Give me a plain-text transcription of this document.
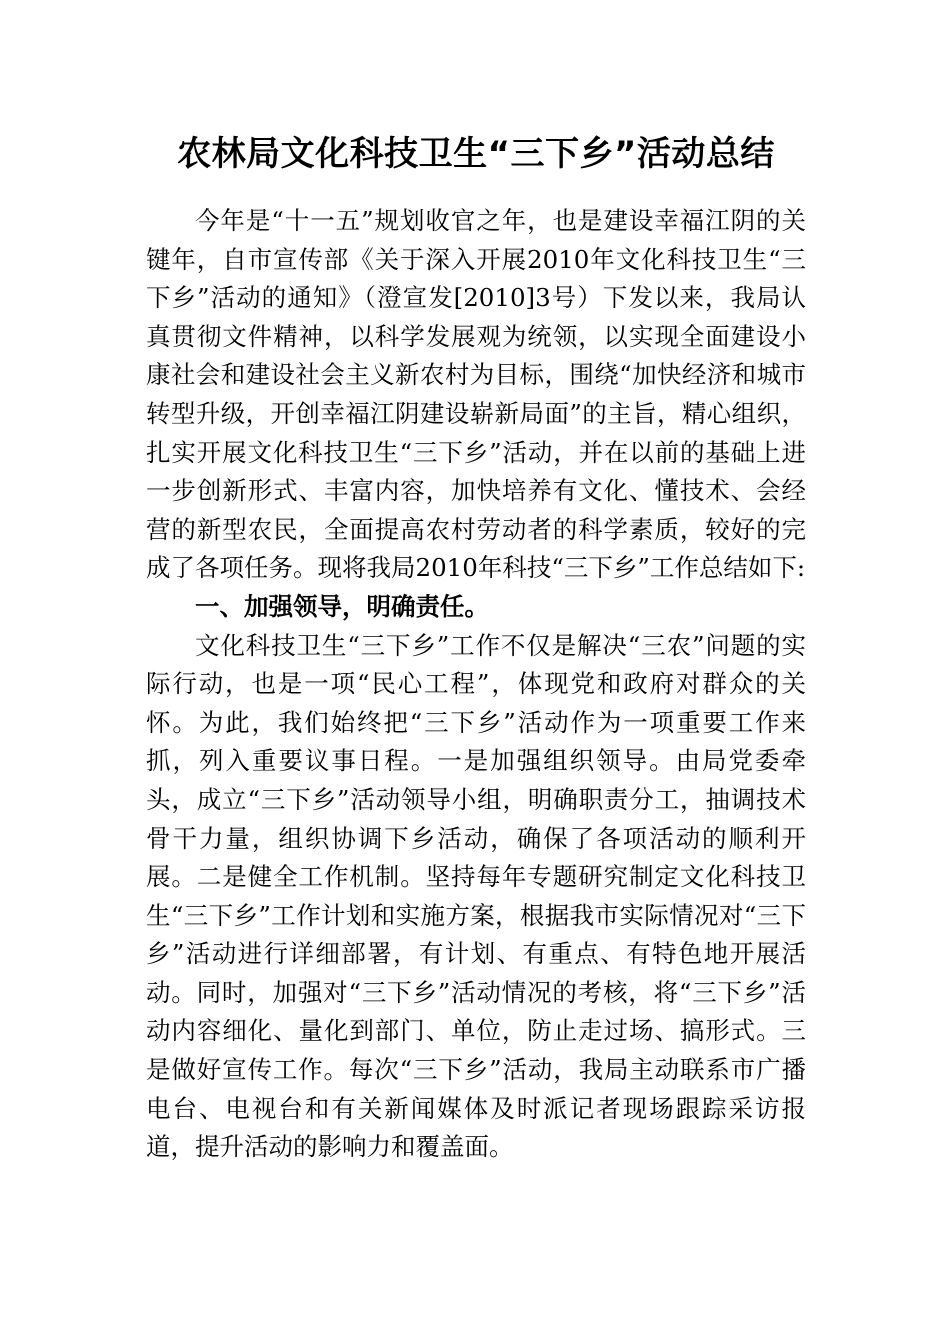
农林局文化科技卫生“三下乡”活动总结

今年是“十一五”规划收官之年，也是建设幸福江阴的关键年，自市宣传部《关于深入开展2010年文化科技卫生“三下乡”活动的通知》（澄宣发[2010]3号）下发以来，我局认真贯彻文件精神，以科学发展观为统领，以实现全面建设小康社会和建设社会主义新农村为目标，围绕“加快经济和城市转型升级，开创幸福江阴建设崭新局面”的主旨，精心组织，扎实开展文化科技卫生“三下乡”活动，并在以前的基础上进一步创新形式、丰富内容，加快培养有文化、懂技术、会经营的新型农民，全面提高农村劳动者的科学素质，较好的完成了各项任务。现将我局2010年科技“三下乡”工作总结如下:

一、加强领导，明确责任。

文化科技卫生“三下乡”工作不仅是解决“三农”问题的实际行动，也是一项“民心工程”，体现党和政府对群众的关怀。为此，我们始终把“三下乡”活动作为一项重要工作来抓，列入重要议事日程。一是加强组织领导。由局党委牵头，成立“三下乡”活动领导小组，明确职责分工，抽调技术骨干力量，组织协调下乡活动，确保了各项活动的顺利开展。二是健全工作机制。坚持每年专题研究制定文化科技卫生“三下乡”工作计划和实施方案，根据我市实际情况对“三下乡”活动进行详细部署，有计划、有重点、有特色地开展活动。同时，加强对“三下乡”活动情况的考核，将“三下乡”活动内容细化、量化到部门、单位，防止走过场、搞形式。三是做好宣传工作。每次“三下乡”活动，我局主动联系市广播电台、电视台和有关新闻媒体及时派记者现场跟踪采访报道，提升活动的影响力和覆盖面。
